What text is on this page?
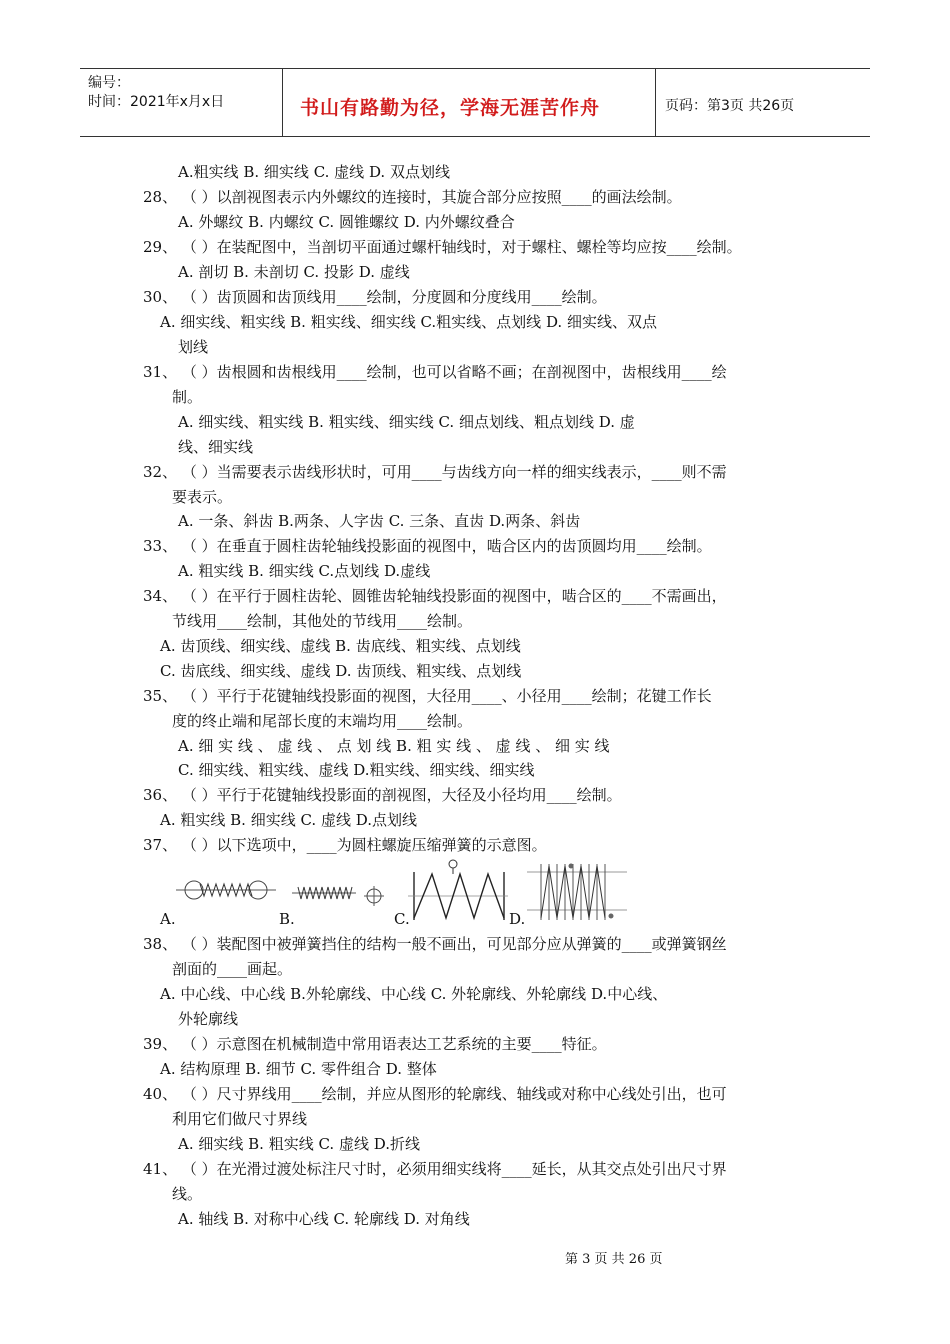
编号：
时间：2021年x月x日	书山有路勤为径，学海无涯苦作舟	页码：第3页 共26页
A.粗实线 B. 细实线 C. 虚线 D. 双点划线
28、 （ ）以剖视图表示内外螺纹的连接时，其旋合部分应按照____的画法绘制。
A. 外螺纹 B. 内螺纹 C. 圆锥螺纹 D. 内外螺纹叠合
29、 （ ）在装配图中，当剖切平面通过螺杆轴线时，对于螺柱、螺栓等均应按____绘制。
A. 剖切 B. 未剖切 C. 投影 D. 虚线
30、 （ ）齿顶圆和齿顶线用____绘制，分度圆和分度线用____绘制。
A. 细实线、粗实线 B. 粗实线、细实线 C.粗实线、点划线 D. 细实线、双点
划线
31、 （ ）齿根圆和齿根线用____绘制，也可以省略不画；在剖视图中，齿根线用____绘
制。
A. 细实线、粗实线 B. 粗实线、细实线 C. 细点划线、粗点划线 D. 虚
线、细实线
32、 （ ）当需要表示齿线形状时，可用____与齿线方向一样的细实线表示，____则不需
要表示。
A. 一条、斜齿 B.两条、人字齿 C. 三条、直齿 D.两条、斜齿
33、 （ ）在垂直于圆柱齿轮轴线投影面的视图中，啮合区内的齿顶圆均用____绘制。
A. 粗实线 B. 细实线 C.点划线 D.虚线
34、 （ ）在平行于圆柱齿轮、圆锥齿轮轴线投影面的视图中，啮合区的____不需画出，
节线用____绘制，其他处的节线用____绘制。
A. 齿顶线、细实线、虚线 B. 齿底线、粗实线、点划线
C. 齿底线、细实线、虚线 D. 齿顶线、粗实线、点划线
35、 （ ）平行于花键轴线投影面的视图，大径用____、小径用____绘制；花键工作长
度的终止端和尾部长度的末端均用____绘制。
A. 细 实 线 、 虚 线 、 点 划 线 B. 粗 实 线 、 虚 线 、 细 实 线
C. 细实线、粗实线、虚线 D.粗实线、细实线、细实线
36、 （ ）平行于花键轴线投影面的剖视图，大径及小径均用____绘制。
A. 粗实线 B. 细实线 C. 虚线 D.点划线
37、 （ ）以下选项中，____为圆柱螺旋压缩弹簧的示意图。
A.	B.	C.	D.
38、 （ ）装配图中被弹簧挡住的结构一般不画出，可见部分应从弹簧的____或弹簧钢丝
剖面的____画起。
A. 中心线、中心线 B.外轮廓线、中心线 C. 外轮廓线、外轮廓线 D.中心线、
外轮廓线
39、 （ ）示意图在机械制造中常用语表达工艺系统的主要____特征。
A. 结构原理 B. 细节 C. 零件组合 D. 整体
40、 （ ）尺寸界线用____绘制，并应从图形的轮廓线、轴线或对称中心线处引出，也可
利用它们做尺寸界线
A. 细实线 B. 粗实线 C. 虚线 D.折线
41、 （ ）在光滑过渡处标注尺寸时，必须用细实线将____延长，从其交点处引出尺寸界
线。
A. 轴线 B. 对称中心线 C. 轮廓线 D. 对角线
第 3 页 共 26 页
